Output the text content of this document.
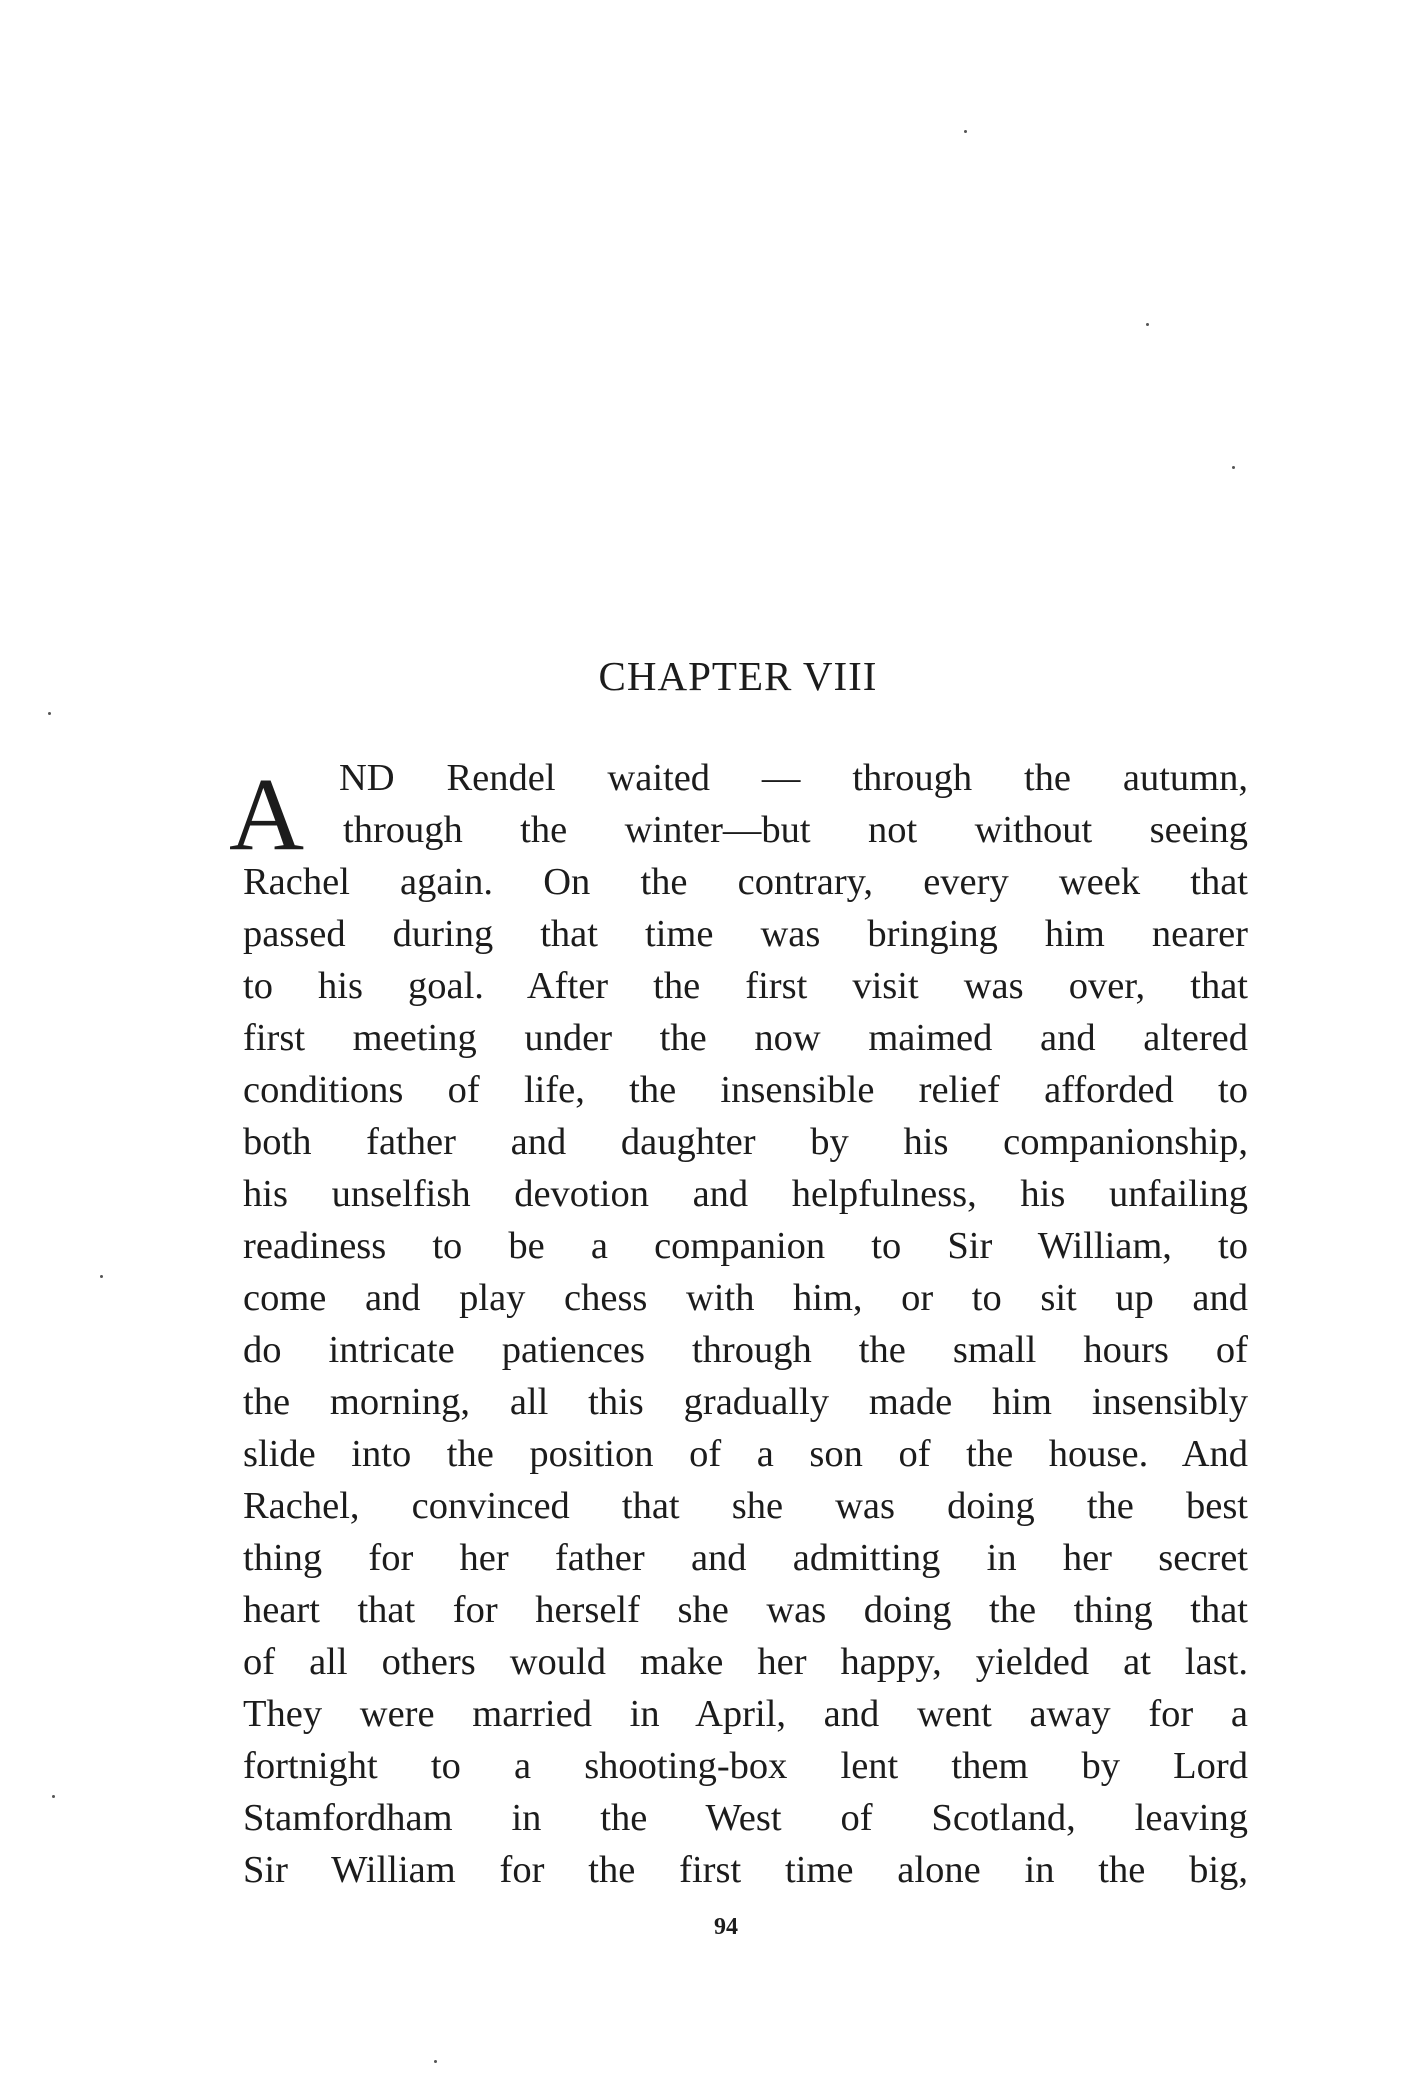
CHAPTER VIII
A ND Rendel waited — through the autumn,
through the winter—but not without seeing
Rachel again. On the contrary, every week that
passed during that time was bringing him nearer
to his goal. After the first visit was over, that
first meeting under the now maimed and altered
conditions of life, the insensible relief afforded to
both father and daughter by his companionship,
his unselfish devotion and helpfulness, his unfailing
readiness to be a companion to Sir William, to
come and play chess with him, or to sit up and
do intricate patiences through the small hours of
the morning, all this gradually made him insensibly
slide into the position of a son of the house. And
Rachel, convinced that she was doing the best
thing for her father and admitting in her secret
heart that for herself she was doing the thing that
of all others would make her happy, yielded at last.
They were married in April, and went away for a
fortnight to a shooting-box lent them by Lord
Stamfordham in the West of Scotland, leaving
Sir William for the first time alone in the big,
94
